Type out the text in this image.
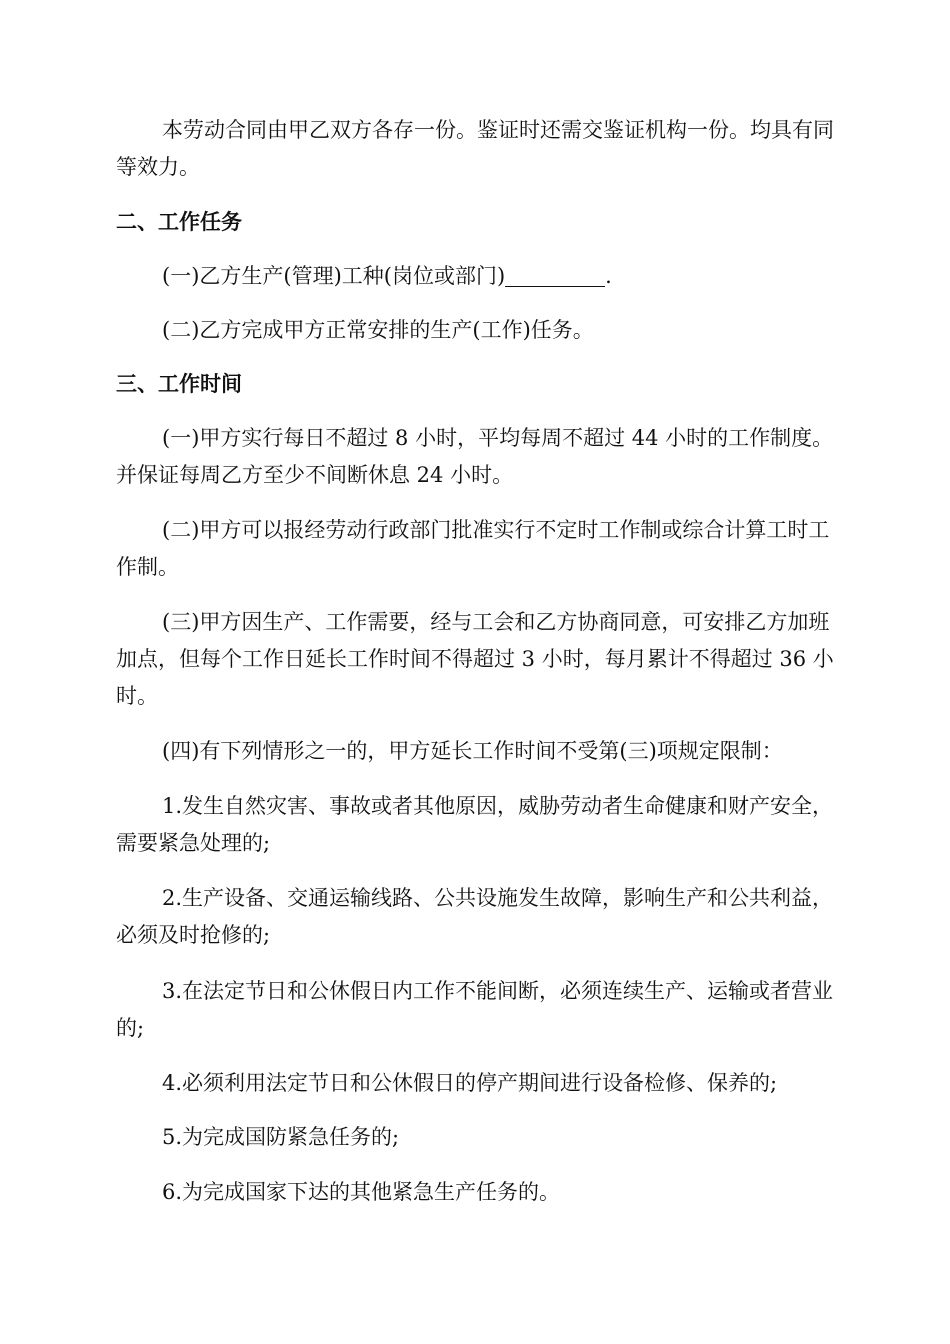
本劳动合同由甲乙双方各存一份。鉴证时还需交鉴证机构一份。均具有同等效力。

二、工作任务

(一)乙方生产(管理)工种(岗位或部门)	.

(二)乙方完成甲方正常安排的生产(工作)任务。

三、工作时间

(一)甲方实行每日不超过 8 小时，平均每周不超过 44 小时的工作制度。并保证每周乙方至少不间断休息 24 小时。

(二)甲方可以报经劳动行政部门批准实行不定时工作制或综合计算工时工作制。

(三)甲方因生产、工作需要，经与工会和乙方协商同意，可安排乙方加班加点，但每个工作日延长工作时间不得超过 3 小时，每月累计不得超过 36 小时。

(四)有下列情形之一的，甲方延长工作时间不受第(三)项规定限制：

1.发生自然灾害、事故或者其他原因，威胁劳动者生命健康和财产安全，需要紧急处理的;

2.生产设备、交通运输线路、公共设施发生故障，影响生产和公共利益，必须及时抢修的;

3.在法定节日和公休假日内工作不能间断，必须连续生产、运输或者营业的;

4.必须利用法定节日和公休假日的停产期间进行设备检修、保养的;

5.为完成国防紧急任务的;

6.为完成国家下达的其他紧急生产任务的。
